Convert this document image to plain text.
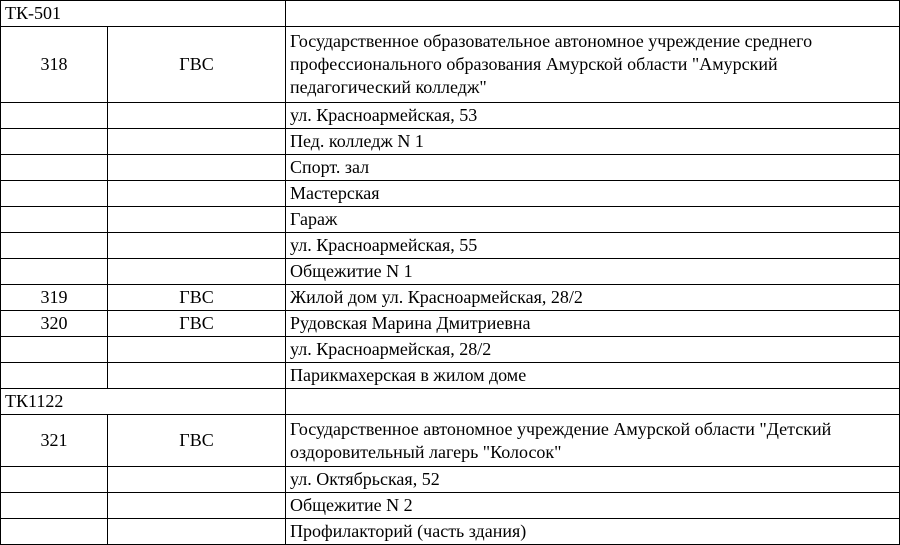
ТК-501		
318	ГВС	Государственное образовательное автономное учреждение среднего профессионального образования Амурской области "Амурский педагогический колледж"
		ул. Красноармейская, 53
		Пед. колледж N 1
		Спорт. зал
		Мастерская
		Гараж
		ул. Красноармейская, 55
		Общежитие N 1
319	ГВС	Жилой дом ул. Красноармейская, 28/2
320	ГВС	Рудовская Марина Дмитриевна
		ул. Красноармейская, 28/2
		Парикмахерская в жилом доме
ТК1122		
321	ГВС	Государственное автономное учреждение Амурской области "Детский оздоровительный лагерь "Колосок"
		ул. Октябрьская, 52
		Общежитие N 2
		Профилакторий (часть здания)
